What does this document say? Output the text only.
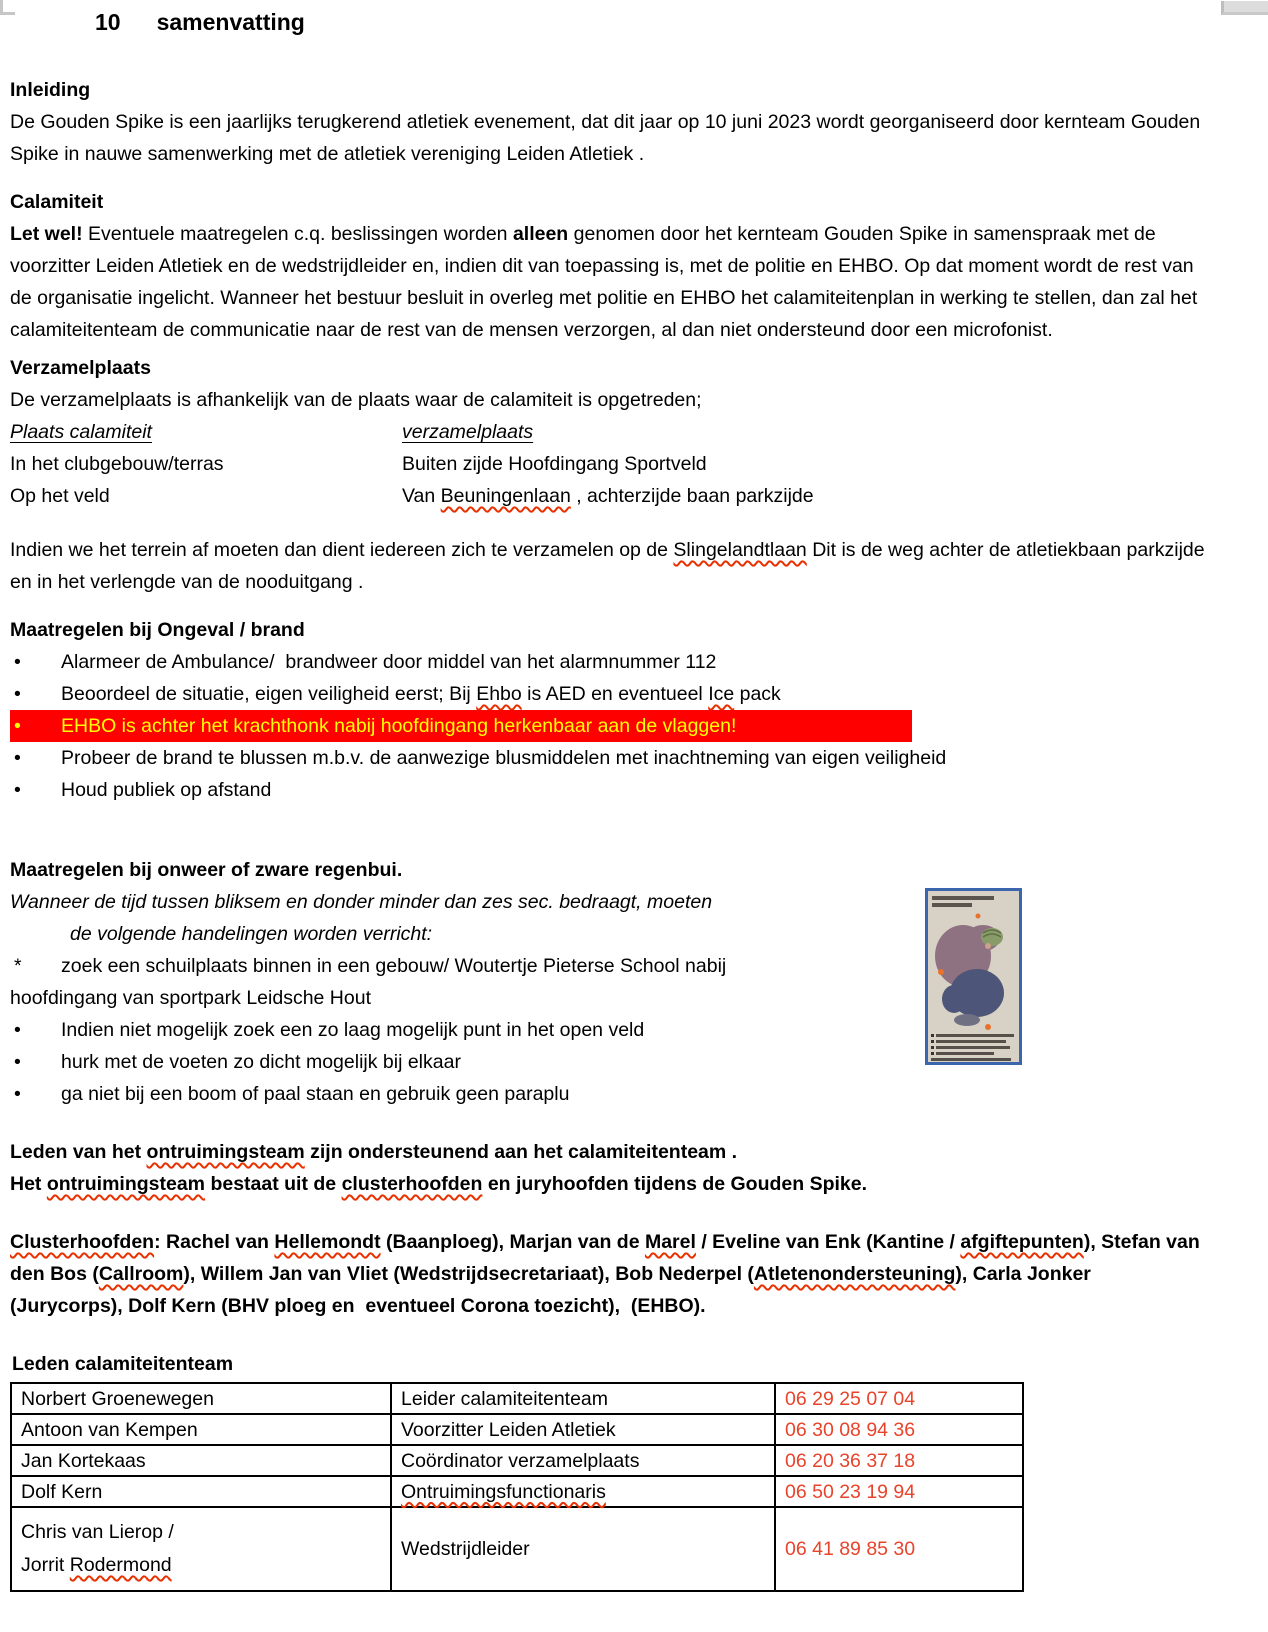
10 samenvatting
Inleiding

De Gouden Spike is een jaarlijks terugkerend atletiek evenement, dat dit jaar op 10 juni 2023 wordt georganiseerd door kernteam Gouden Spike in nauwe samenwerking met de atletiek vereniging Leiden Atletiek .

Calamiteit

Let wel! Eventuele maatregelen c.q. beslissingen worden alleen genomen door het kernteam Gouden Spike in samenspraak met de voorzitter Leiden Atletiek en de wedstrijdleider en, indien dit van toepassing is, met de politie en EHBO. Op dat moment wordt de rest van de organisatie ingelicht. Wanneer het bestuur besluit in overleg met politie en EHBO het calamiteitenplan in werking te stellen, dan zal het calamiteitenteam de communicatie naar de rest van de mensen verzorgen, al dan niet ondersteund door een microfonist.

Verzamelplaats

De verzamelplaats is afhankelijk van de plaats waar de calamiteit is opgetreden;

Plaats calamiteit	verzamelplaats
In het clubgebouw/terras	Buiten zijde Hoofdingang Sportveld
Op het veld	Van Beuningenlaan , achterzijde baan parkzijde

Indien we het terrein af moeten dan dient iedereen zich te verzamelen op de Slingelandtlaan Dit is de weg achter de atletiekbaan parkzijde en in het verlengde van de nooduitgang .

Maatregelen bij Ongeval / brand
•	Alarmeer de Ambulance/  brandweer door middel van het alarmnummer 112
•	Beoordeel de situatie, eigen veiligheid eerst; Bij Ehbo is AED en eventueel Ice pack
•	EHBO is achter het krachthonk nabij hoofdingang herkenbaar aan de vlaggen!
•	Probeer de brand te blussen m.b.v. de aanwezige blusmiddelen met inachtneming van eigen veiligheid
•	Houd publiek op afstand
Maatregelen bij onweer of zware regenbui.

Wanneer de tijd tussen bliksem en donder minder dan zes sec. bedraagt, moeten

de volgende handelingen worden verricht:

*	zoek een schuilplaats binnen in een gebouw/ Woutertje Pieterse School nabij

hoofdingang van sportpark Leidsche Hout

•	Indien niet mogelijk zoek een zo laag mogelijk punt in het open veld
•	hurk met de voeten zo dicht mogelijk bij elkaar
•	ga niet bij een boom of paal staan en gebruik geen paraplu

Leden van het ontruimingsteam zijn ondersteunend aan het calamiteitenteam .

Het ontruimingsteam bestaat uit de clusterhoofden en juryhoofden tijdens de Gouden Spike.

Clusterhoofden: Rachel van Hellemondt (Baanploeg), Marjan van de Marel / Eveline van Enk (Kantine / afgiftepunten), Stefan van den Bos (Callroom), Willem Jan van Vliet (Wedstrijdsecretariaat), Bob Nederpel (Atletenondersteuning), Carla Jonker (Jurycorps), Dolf Kern (BHV ploeg en  eventueel Corona toezicht),  (EHBO).

Leden calamiteitenteam
Norbert Groenewegen	Leider calamiteitenteam	06 29 25 07 04
Antoon van Kempen	Voorzitter Leiden Atletiek	06 30 08 94 36
Jan Kortekaas	Coördinator verzamelplaats	06 20 36 37 18
Dolf Kern	Ontruimingsfunctionaris	06 50 23 19 94
Chris van Lierop /
Jorrit Rodermond	Wedstrijdleider	06 41 89 85 30
